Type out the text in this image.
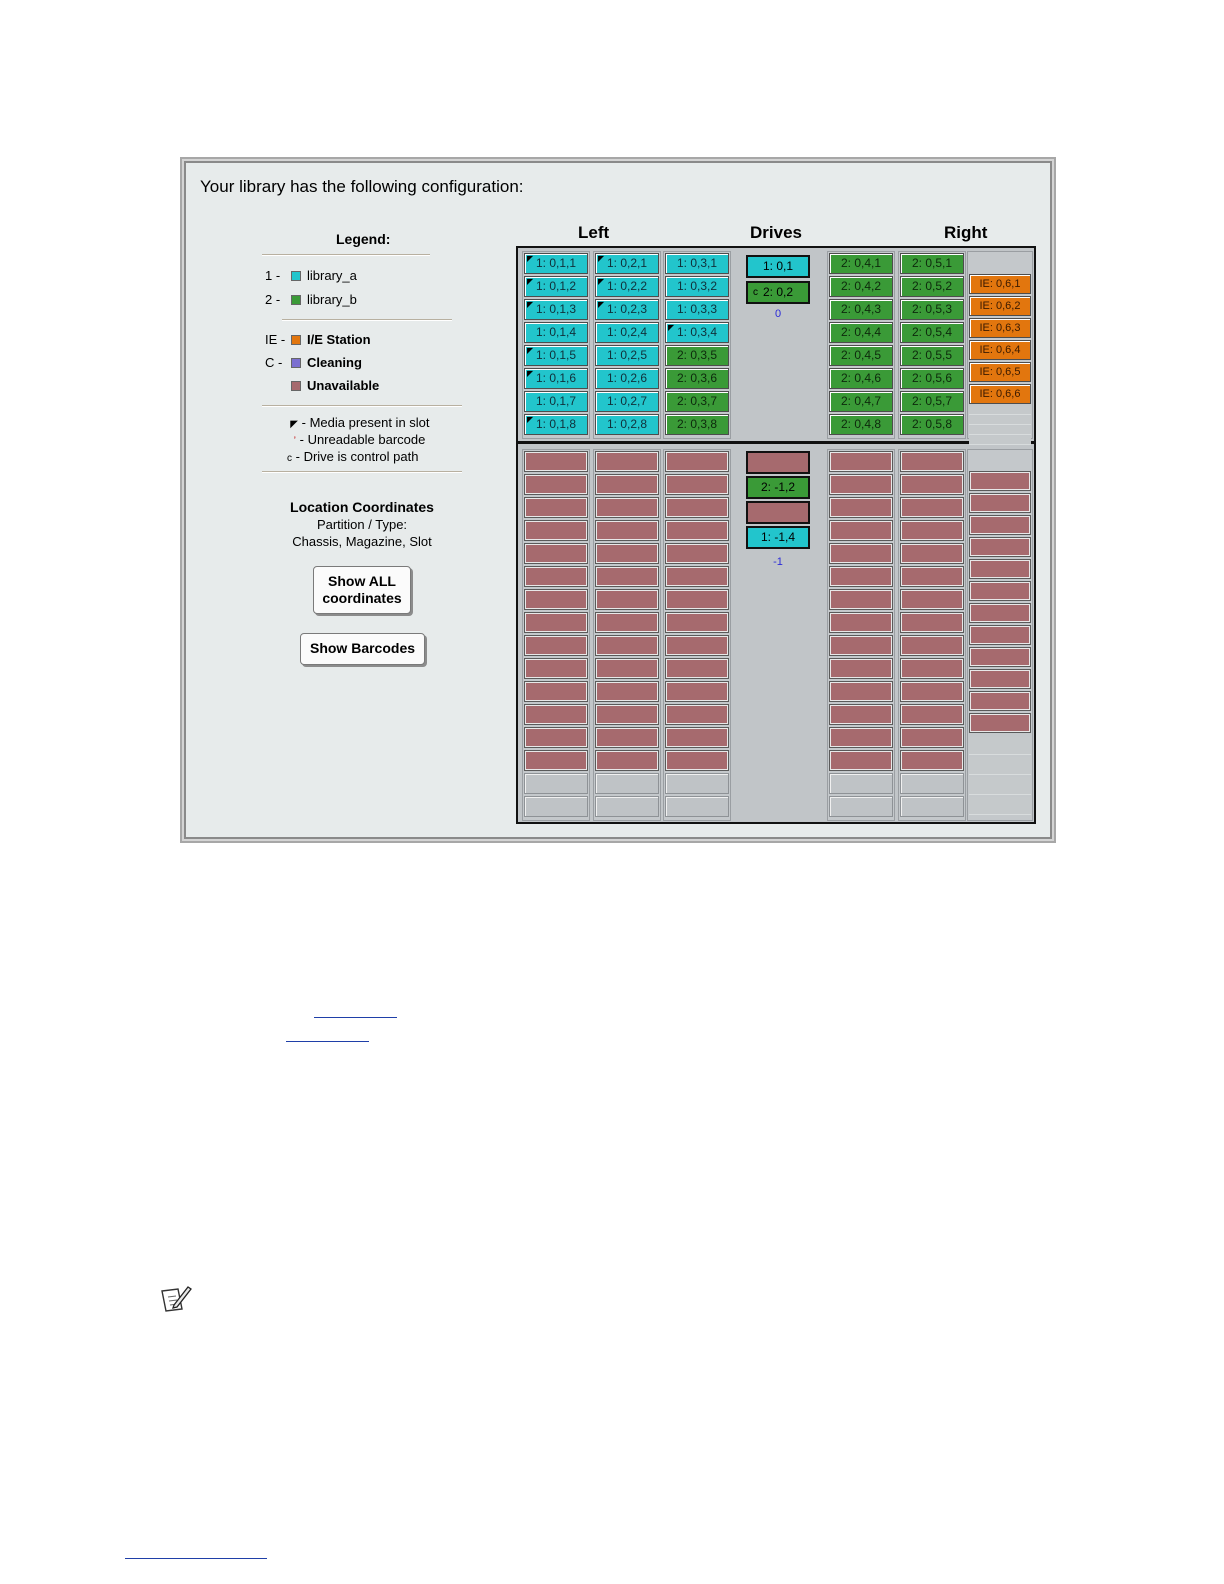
Your library has the following configuration:
Legend:
1 -	library_a
2 -	library_b
IE -	I/E Station
C -	Cleaning
Unavailable
◤ - Media present in slot
ʼ - Unreadable barcode
c - Drive is control path
Location Coordinates
Partition / Type:
Chassis, Magazine, Slot
Show ALL
coordinates
Show Barcodes
Left	Drives	Right
1: 0,1,1
◤
1: 0,1,2
◤
1: 0,1,3
◤
1: 0,1,4
1: 0,1,5
◤
1: 0,1,6
◤
1: 0,1,7
1: 0,1,8
◤
1: 0,2,1
◤
1: 0,2,2
◤
1: 0,2,3
◤
1: 0,2,4
1: 0,2,5
1: 0,2,6
1: 0,2,7
1: 0,2,8
1: 0,3,1
1: 0,3,2
1: 0,3,3
1: 0,3,4
◤
2: 0,3,5
2: 0,3,6
2: 0,3,7
2: 0,3,8
2: 0,4,1
2: 0,4,2
2: 0,4,3
2: 0,4,4
2: 0,4,5
2: 0,4,6
2: 0,4,7
2: 0,4,8
2: 0,5,1
2: 0,5,2
2: 0,5,3
2: 0,5,4
2: 0,5,5
2: 0,5,6
2: 0,5,7
2: 0,5,8
IE: 0,6,1
IE: 0,6,2
IE: 0,6,3
IE: 0,6,4
IE: 0,6,5
IE: 0,6,6
1: 0,1
2: 0,2
c
0
2: -1,2
1: -1,4
-1
